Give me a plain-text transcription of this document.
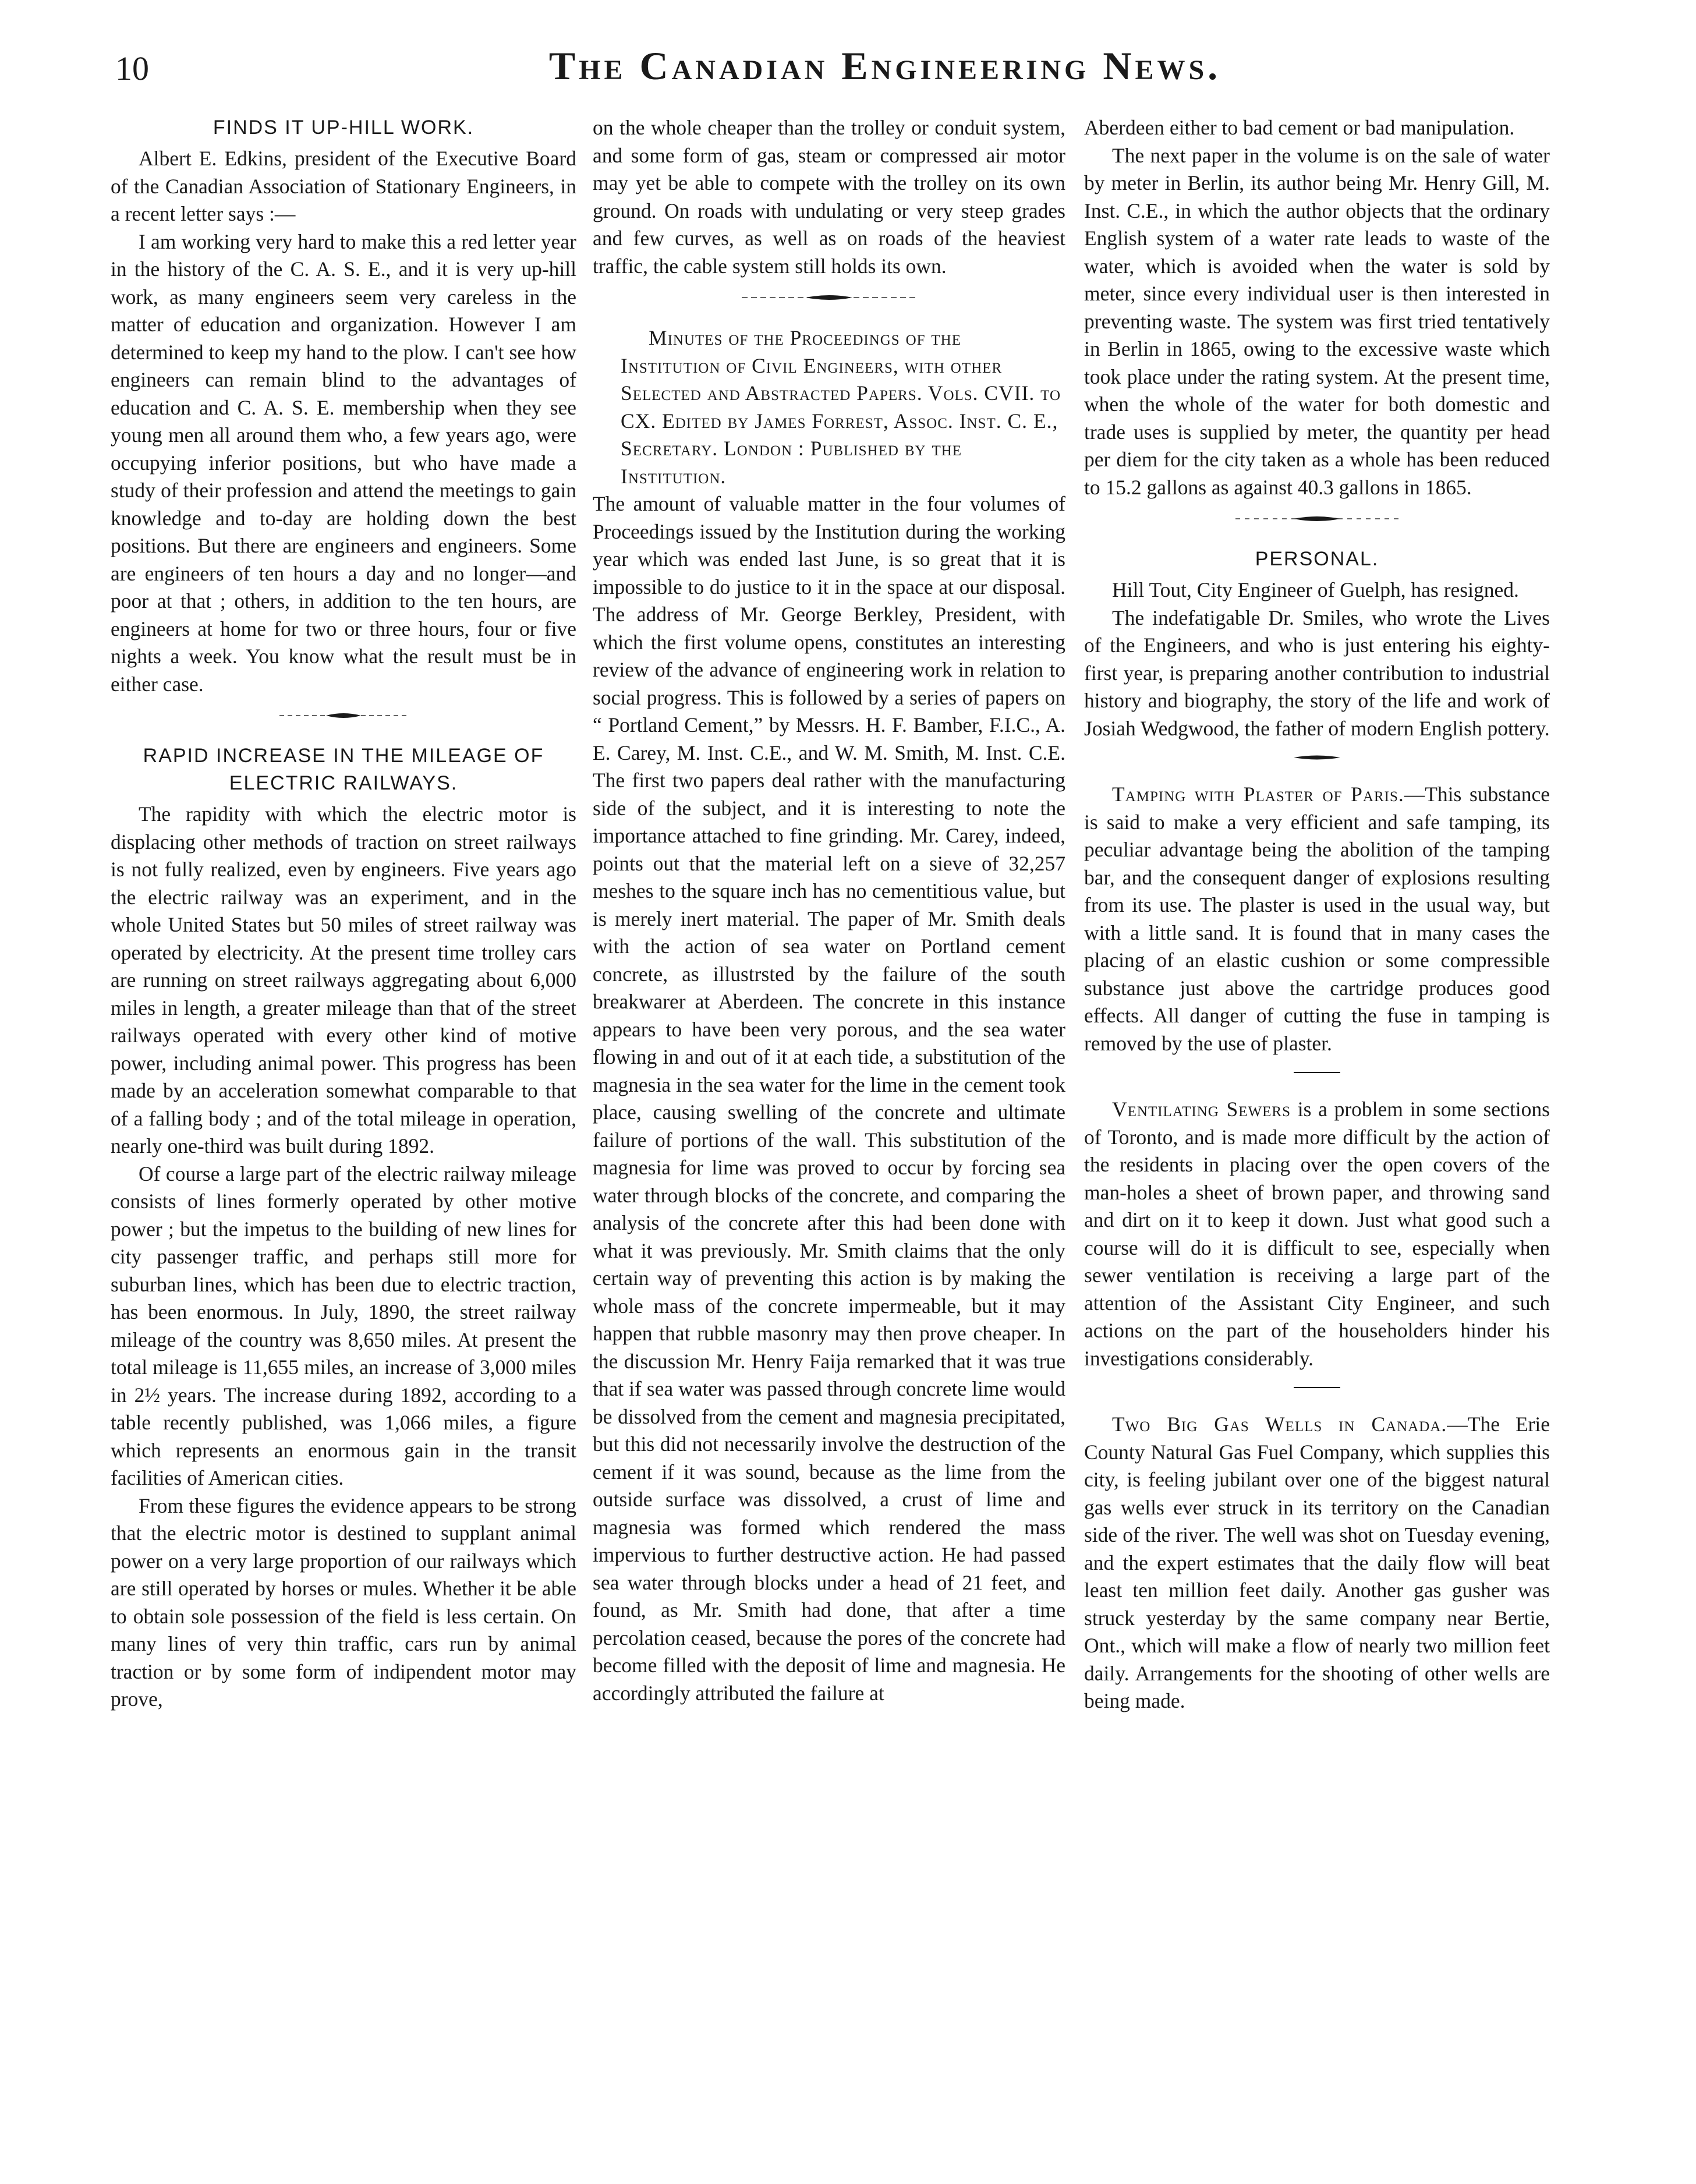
10	The Canadian Engineering News.
FINDS IT UP-HILL WORK.

Albert E. Edkins, president of the Executive Board of the Canadian Association of Stationary Engineers, in a recent letter says :—

I am working very hard to make this a red letter year in the history of the C. A. S. E., and it is very up-hill work, as many engineers seem very careless in the matter of education and organization. However I am determined to keep my hand to the plow. I can't see how engineers can remain blind to the advantages of education and C. A. S. E. membership when they see young men all around them who, a few years ago, were occupying inferior positions, but who have made a study of their profession and attend the meetings to gain knowledge and to-day are holding down the best positions. But there are engineers and engineers. Some are engineers of ten hours a day and no longer—and poor at that ; others, in addition to the ten hours, are engineers at home for two or three hours, four or five nights a week. You know what the result must be in either case.

RAPID INCREASE IN THE MILEAGE OF ELECTRIC RAILWAYS.

The rapidity with which the electric motor is displacing other methods of traction on street railways is not fully realized, even by engineers. Five years ago the electric railway was an experiment, and in the whole United States but 50 miles of street railway was operated by electricity. At the present time trolley cars are running on street railways aggregating about 6,000 miles in length, a greater mileage than that of the street railways operated with every other kind of motive power, including animal power. This progress has been made by an acceleration somewhat comparable to that of a falling body ; and of the total mileage in operation, nearly one-third was built during 1892.

Of course a large part of the electric railway mileage consists of lines formerly operated by other motive power ; but the impetus to the building of new lines for city passenger traffic, and perhaps still more for suburban lines, which has been due to electric traction, has been enormous. In July, 1890, the street railway mileage of the country was 8,650 miles. At present the total mileage is 11,655 miles, an increase of 3,000 miles in 2½ years. The increase during 1892, according to a table recently published, was 1,066 miles, a figure which represents an enormous gain in the transit facilities of American cities.

From these figures the evidence appears to be strong that the electric motor is destined to supplant animal power on a very large proportion of our railways which are still operated by horses or mules. Whether it be able to obtain sole possession of the field is less certain. On many lines of very thin traffic, cars run by animal traction or by some form of indipendent motor may prove,

on the whole cheaper than the trolley or conduit system, and some form of gas, steam or compressed air motor may yet be able to compete with the trolley on its own ground. On roads with undulating or very steep grades and few curves, as well as on roads of the heaviest traffic, the cable system still holds its own.

Minutes of the Proceedings of the Institution of Civil Engineers, with other Selected and Abstracted Papers. Vols. CVII. to CX. Edited by James Forrest, Assoc. Inst. C. E., Secretary. London : Published by the Institution.

The amount of valuable matter in the four volumes of Proceedings issued by the Institution during the working year which was ended last June, is so great that it is impossible to do justice to it in the space at our disposal. The address of Mr. George Berkley, President, with which the first volume opens, constitutes an interesting review of the advance of engineering work in relation to social progress. This is followed by a series of papers on “ Portland Cement,” by Messrs. H. F. Bamber, F.I.C., A. E. Carey, M. Inst. C.E., and W. M. Smith, M. Inst. C.E. The first two papers deal rather with the manufacturing side of the subject, and it is interesting to note the importance attached to fine grinding. Mr. Carey, indeed, points out that the material left on a sieve of 32,257 meshes to the square inch has no cementitious value, but is merely inert material. The paper of Mr. Smith deals with the action of sea water on Portland cement concrete, as illustrsted by the failure of the south breakwarer at Aberdeen. The concrete in this instance appears to have been very porous, and the sea water flowing in and out of it at each tide, a substitution of the magnesia in the sea water for the lime in the cement took place, causing swelling of the concrete and ultimate failure of portions of the wall. This substitution of the magnesia for lime was proved to occur by forcing sea water through blocks of the concrete, and comparing the analysis of the concrete after this had been done with what it was previously. Mr. Smith claims that the only certain way of preventing this action is by making the whole mass of the concrete impermeable, but it may happen that rubble masonry may then prove cheaper. In the discussion Mr. Henry Faija remarked that it was true that if sea water was passed through concrete lime would be dissolved from the cement and magnesia precipitated, but this did not necessarily involve the destruction of the cement if it was sound, because as the lime from the outside surface was dissolved, a crust of lime and magnesia was formed which rendered the mass impervious to further destructive action. He had passed sea water through blocks under a head of 21 feet, and found, as Mr. Smith had done, that after a time percolation ceased, because the pores of the concrete had become filled with the deposit of lime and magnesia. He accordingly attributed the failure at

Aberdeen either to bad cement or bad manipulation.

The next paper in the volume is on the sale of water by meter in Berlin, its author being Mr. Henry Gill, M. Inst. C.E., in which the author objects that the ordinary English system of a water rate leads to waste of the water, which is avoided when the water is sold by meter, since every individual user is then interested in preventing waste. The system was first tried tentatively in Berlin in 1865, owing to the excessive waste which took place under the rating system. At the present time, when the whole of the water for both domestic and trade uses is supplied by meter, the quantity per head per diem for the city taken as a whole has been reduced to 15.2 gallons as against 40.3 gallons in 1865.

PERSONAL.

Hill Tout, City Engineer of Guelph, has resigned.

The indefatigable Dr. Smiles, who wrote the Lives of the Engineers, and who is just entering his eighty-first year, is preparing another contribution to industrial history and biography, the story of the life and work of Josiah Wedgwood, the father of modern English pottery.

Tamping with Plaster of Paris.—This substance is said to make a very efficient and safe tamping, its peculiar advantage being the abolition of the tamping bar, and the consequent danger of explosions resulting from its use. The plaster is used in the usual way, but with a little sand. It is found that in many cases the placing of an elastic cushion or some compressible substance just above the cartridge produces good effects. All danger of cutting the fuse in tamping is removed by the use of plaster.

Ventilating Sewers is a problem in some sections of Toronto, and is made more difficult by the action of the residents in placing over the open covers of the man-holes a sheet of brown paper, and throwing sand and dirt on it to keep it down. Just what good such a course will do it is difficult to see, especially when sewer ventilation is receiving a large part of the attention of the Assistant City Engineer, and such actions on the part of the householders hinder his investigations considerably.

Two Big Gas Wells in Canada.—The Erie County Natural Gas Fuel Company, which supplies this city, is feeling jubilant over one of the biggest natural gas wells ever struck in its territory on the Canadian side of the river. The well was shot on Tuesday evening, and the expert estimates that the daily flow will beat least ten million feet daily. Another gas gusher was struck yesterday by the same company near Bertie, Ont., which will make a flow of nearly two million feet daily. Arrangements for the shooting of other wells are being made.
